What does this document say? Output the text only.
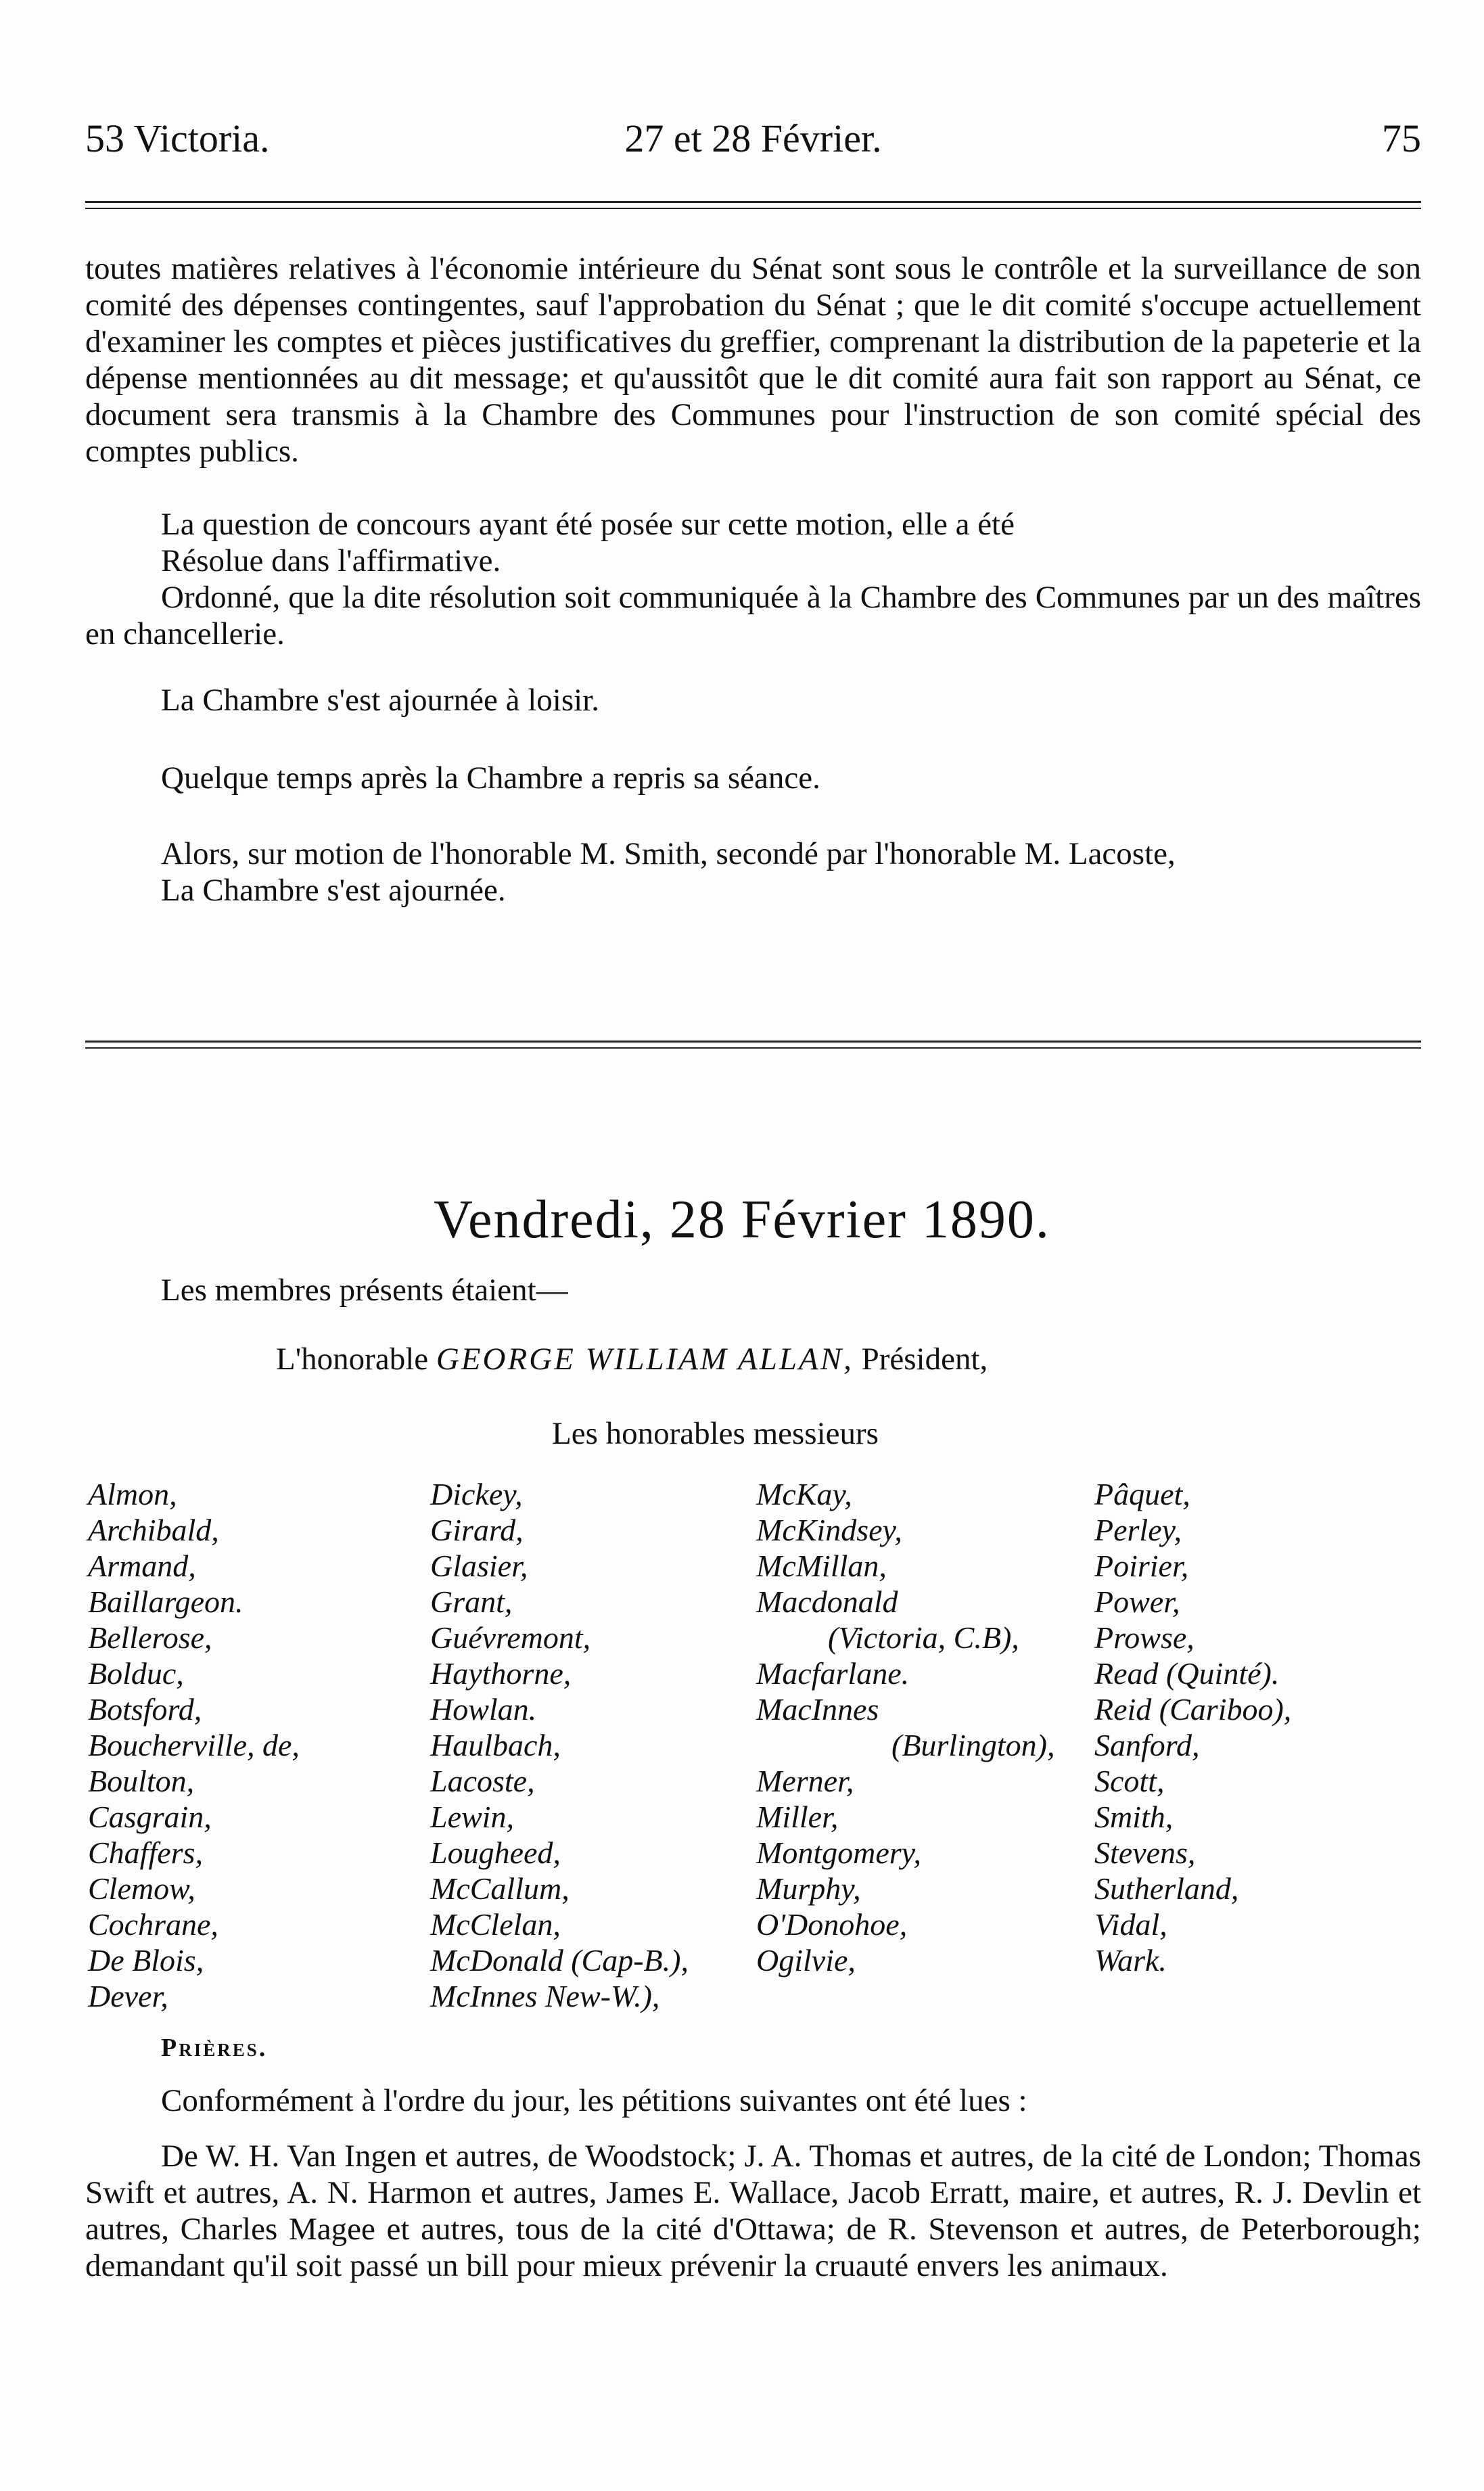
53 Victoria.	27 et 28 Février.	75
toutes matières relatives à l'économie intérieure du Sénat sont sous le contrôle et la surveillance de son comité des dépenses contingentes, sauf l'approbation du Sénat ; que le dit comité s'occupe actuellement d'examiner les comptes et pièces justificatives du greffier, comprenant la distribution de la papeterie et la dépense mentionnées au dit message; et qu'aussitôt que le dit comité aura fait son rapport au Sénat, ce document sera transmis à la Chambre des Communes pour l'instruction de son comité spécial des comptes publics.
La question de concours ayant été posée sur cette motion, elle a été
Résolue dans l'affirmative.
Ordonné, que la dite résolution soit communiquée à la Chambre des Communes par un des maîtres en chancellerie.
La Chambre s'est ajournée à loisir.
Quelque temps après la Chambre a repris sa séance.
Alors, sur motion de l'honorable M. Smith, secondé par l'honorable M. Lacoste,
La Chambre s'est ajournée.
Vendredi, 28 Février 1890.
Les membres présents étaient—
L'honorable GEORGE WILLIAM ALLAN, Président,
Les honorables messieurs
Almon,
Archibald,
Armand,
Baillargeon.
Bellerose,
Bolduc,
Botsford,
Boucherville, de,
Boulton,
Casgrain,
Chaffers,
Clemow,
Cochrane,
De Blois,
Dever,
Dickey,
Girard,
Glasier,
Grant,
Guévremont,
Haythorne,
Howlan.
Haulbach,
Lacoste,
Lewin,
Lougheed,
McCallum,
McClelan,
McDonald (Cap-B.),
McInnes New-W.),
McKay,
McKindsey,
McMillan,
Macdonald
(Victoria, C.B),
Macfarlane.
MacInnes
(Burlington),
Merner,
Miller,
Montgomery,
Murphy,
O'Donohoe,
Ogilvie,
Pâquet,
Perley,
Poirier,
Power,
Prowse,
Read (Quinté).
Reid (Cariboo),
Sanford,
Scott,
Smith,
Stevens,
Sutherland,
Vidal,
Wark.
Prières.
Conformément à l'ordre du jour, les pétitions suivantes ont été lues :
De W. H. Van Ingen et autres, de Woodstock; J. A. Thomas et autres, de la cité de London; Thomas Swift et autres, A. N. Harmon et autres, James E. Wallace, Jacob Erratt, maire, et autres, R. J. Devlin et autres, Charles Magee et autres, tous de la cité d'Ottawa; de R. Stevenson et autres, de Peterborough; demandant qu'il soit passé un bill pour mieux prévenir la cruauté envers les animaux.
